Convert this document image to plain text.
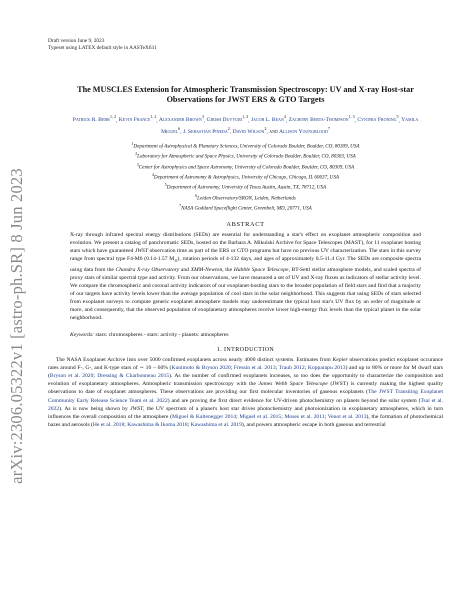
arXiv:2306.05322v1 [astro-ph.SR] 8 Jun 2023
Draft version June 9, 2023
Typeset using LATEX default style in AASTeX631
The MUSCLES Extension for Atmospheric Transmission Spectroscopy: UV and X-ray Host-star Observations for JWST ERS & GTO Targets
Patrick R. Behr$^{1, 2}$, Kevin France$^{1, 2}$, Alexander Brown$^3$, Girish Duvvuri$^{1, 3}$, Jacob L. Bean$^4$, Zachory Berta-Thompson$^{1, 3}$, Cynthia Froning$^5$, Yamila Miguel$^6$, J. Sebastian Pineda$^2$, David Wilson$^2$, and Allison Youngblood$^7$
$^1$Department of Astrophysical & Planetary Sciences, University of Colorado Boulder, Boulder, CO, 80309, USA
$^2$Laboratory for Atmospheric and Space Physics, University of Colorado Boulder, Boulder, CO, 80303, USA
$^3$Center for Astrophysics and Space Astronomy, University of Colorado Boulder, Boulder, CO, 80309, USA
$^4$Department of Astronomy & Astrophysics, University of Chicago, Chicago, IL 60637, USA
$^5$Department of Astronomy, University of Texas Austin, Austin, TX, 78712, USA
$^6$Leiden Observatory/SRON, Leiden, Netherlands
$^7$NASA Goddard Spaceflight Center, Greenbelt, MD, 20771, USA
ABSTRACT
X-ray through infrared spectral energy distributions (SEDs) are essential for understanding a star's effect on exoplanet atmospheric composition and evolution. We present a catalog of panchromatic SEDs, hosted on the Barbara A. Mikulski Archive for Space Telescopes (MAST), for 11 exoplanet hosting stars which have guaranteed JWST observation time as part of the ERS or GTO programs but have no previous UV characterization. The stars in this survey range from spectral type F4-M6 (0.14-1.57 $M_⊙$), rotation periods of 4-132 days, and ages of approximately 0.5-11.4 Gyr. The SEDs are composite spectra using data from the Chandra X-ray Observatory and XMM-Newton, the Hubble Space Telescope, BT-Settl stellar atmosphere models, and scaled spectra of proxy stars of similar spectral type and activity. From our observations, we have measured a set of UV and X-ray fluxes as indicators of stellar activity level. We compare the chromospheric and coronal activity indicators of our exoplanet-hosting stars to the broader population of field stars and find that a majority of our targets have activity levels lower than the average population of cool stars in the solar neighborhood. This suggests that using SEDs of stars selected from exoplanet surveys to compute generic exoplanet atmosphere models may underestimate the typical host star's UV flux by an order of magnitude or more, and consequently, that the observed population of exoplanetary atmospheres receive lower high-energy flux levels than the typical planet in the solar neighborhood.
Keywords: stars: chromospheres - stars: activity - planets: atmospheres
1. INTRODUCTION
The NASA Exoplanet Archive lists over 5000 confirmed exoplanets across nearly 4000 distinct systems. Estimates from Kepler observations predict exoplanet occurance rates around F-, G-, and K-type stars of ∼ 10 − 60% (Kunimoto & Bryson 2020; Fressin et al. 2013; Traub 2012; Kopparapu 2013) and up to 80% or more for M dwarf stars (Bryson et al. 2020; Dressing & Charbonneau 2015). As the number of confirmed exoplanets increases, so too does the opportunity to characterize the composition and evolution of exoplanetary atmospheres. Atmospheric transmission spectroscopy with the James Webb Space Telescope (JWST) is currently making the highest quality observations to date of exoplanet atmospheres. These observations are providing our first molecular inventories of gaseous exoplanets (The JWST Transiting Exoplanet Community Early Release Science Team et al. 2022) and are proving the first direct evidence for UV-driven photochemistry on planets beyond the solar system (Tsai et al. 2022). As is now being shown by JWST, the UV spectrum of a planet's host star drives photochemistry and photoionization in exoplanetary atmospheres, which in turn influences the overall composition of the atmosphere (Miguel & Kaltenegger 2014; Miguel et al. 2015; Moses et al. 2011; Venot et al. 2013), the formation of photochemical hazes and aerosols (He et al. 2018; Kawashima & Ikoma 2018; Kawashima et al. 2019), and powers atmospheric escape in both gaseous and terrestrial
